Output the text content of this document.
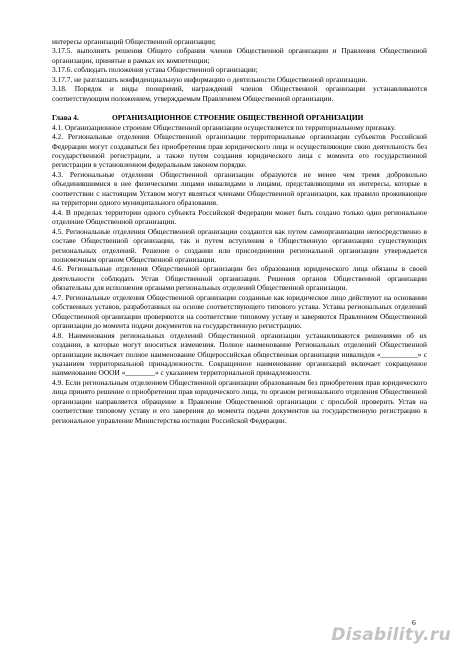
интересы организаций Общественной организации;

3.17.5. выполнять решения Общего собрания членов Общественной организации и Правления Общественной организации, принятые в рамках их компетенции;

3.17.6. соблюдать положения устава Общественной организации;

3.17.7. не разглашать конфиденциальную информацию о деятельности Общественной организации.

3.18. Порядок и виды поощрений, награждений членов Общественной организации устанавливаются соответствующим положением, утверждаемым Правлением Общественной организации.

Глава 4.	ОРГАНИЗАЦИОННОЕ СТРОЕНИЕ ОБЩЕСТВЕННОЙ ОРГАНИЗАЦИИ

4.1. Организационное строение Общественной организации осуществляется по территориальному признаку.

4.2. Региональные отделения Общественной организации территориальные организации субъектов Российской Федерации могут создаваться без приобретения прав юридического лица и осуществляющие свою деятельность без государственной регистрации, а также путем создания юридического лица с момента его государственной регистрации в установленном федеральным законом порядке.

4.3. Региональные отделения Общественной организации образуются не менее чем тремя добровольно объединившимися в нее физическими лицами инвалидами и лицами, представляющими их интересы, которые в соответствии с настоящим Уставом могут являться членами Общественной организации, как правило проживающие на территории одного муниципального образования.

4.4. В пределах территории одного субъекта Российской Федерации может быть создано только одно региональное отделение Общественной организации.

4.5. Региональные отделения Общественной организации создаются как путем самоорганизации непосредственно в составе Общественной организации, так и путем вступления в Общественную организацию существующих региональных отделений. Решение о создании или присоединении региональной организации утверждается полномочным органом Общественной организации.

4.6. Региональные отделения Общественной организации без образования юридического лица обязаны в своей деятельности соблюдать Устав Общественной организации. Решения органов Общественной организации обязательны для исполнения органами региональных отделений Общественной организации.

4.7. Региональные отделения Общественной организации созданные как юридическое лицо действуют на основании собственных уставов, разработанных на основе соответствующего типового устава. Уставы региональных отделений Общественной организации проверяются на соответствие типовому уставу и заверяются Правлением Общественной организации до момента подачи документов на государственную регистрацию.

4.8. Наименования региональных отделений Общественной организации устанавливаются решениями об их создании, в которые могут вноситься изменения. Полное наименование Региональных отделений Общественной организации включает полное наименование Общероссийская общественная организация инвалидов «__________» с указанием территориальной принадлежности. Сокращенное наименование организаций включает сокращенное наименование ОООИ «________» с указанием территориальной принадлежности.

4.9. Если региональным отделением Общественной организации образованным без приобретения прав юридического лица принято решение о приобретении прав юридического лица, то органом регионального отделения Общественной организации направляется обращение в Правление Общественной организации с просьбой проверить Устав на соответствие типовому уставу и его заверения до момента подачи документов на государственную регистрацию в региональное управление Министерства юстиции Российской Федерации.

6
Disability.ru
